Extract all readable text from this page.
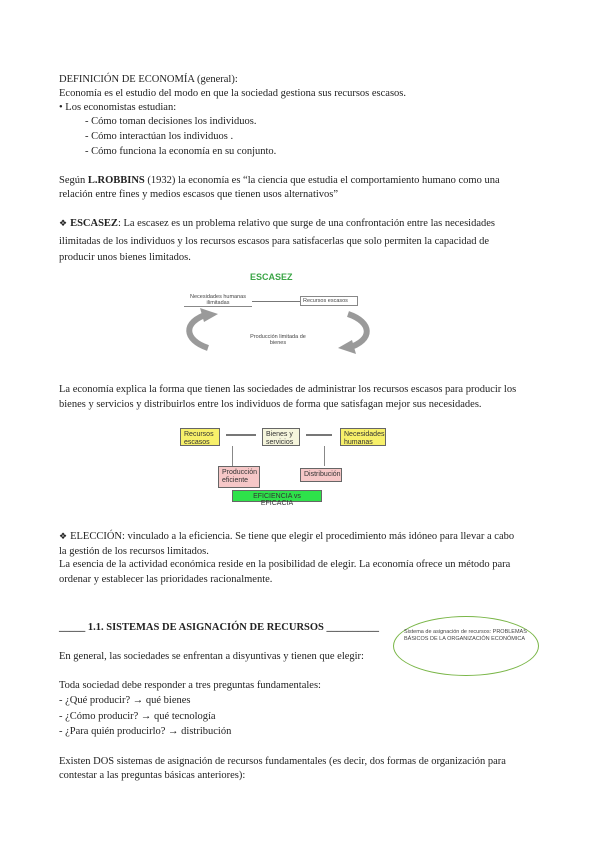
DEFINICIÓN DE ECONOMÍA (general):
Economía es el estudio del modo en que la sociedad gestiona sus recursos escasos.
• Los economistas estudian:
- Cómo toman decisiones los individuos.
- Cómo interactúan los individuos .
- Cómo funciona la economía en su conjunto.
Según L.ROBBINS (1932) la economía es “la ciencia que estudia el comportamiento humano como una
relación entre fines y medios escasos que tienen usos alternativos”
❖ ESCASEZ: La escasez es un problema relativo que surge de una confrontación entre las necesidades
ilimitadas de los individuos y los recursos escasos para satisfacerlas que solo permiten la capacidad de
producir unos bienes limitados.
ESCASEZ
Necesidades humanas ilimitadas	Recursos escasos
Producción limitada de bienes
La economía explica la forma que tienen las sociedades de administrar los recursos escasos para producir los
bienes y servicios y distribuirlos entre los individuos de forma que satisfagan mejor sus necesidades.
Recursos escasos
Bienes y servicios
Necesidades humanas
Producción eficiente
Distribución
EFICIENCIA vs EFICACIA
❖ ELECCIÓN: vinculado a la eficiencia. Se tiene que elegir el procedimiento más idóneo para llevar a cabo
la gestión de los recursos limitados.
La esencia de la actividad económica reside en la posibilidad de elegir. La economía ofrece un método para
ordenar y establecer las prioridades racionalmente.
_____ 1.1. SISTEMAS DE ASIGNACIÓN DE RECURSOS __________	Sistema de asignación de recursos: PROBLEMAS BÁSICOS DE LA ORGANIZACIÓN ECONÓMICA
En general, las sociedades se enfrentan a disyuntivas y tienen que elegir:
Toda sociedad debe responder a tres preguntas fundamentales:
- ¿Qué producir? → qué bienes
- ¿Cómo producir? → qué tecnología
- ¿Para quién producirlo? → distribución
Existen DOS sistemas de asignación de recursos fundamentales (es decir, dos formas de organización para
contestar a las preguntas básicas anteriores):
